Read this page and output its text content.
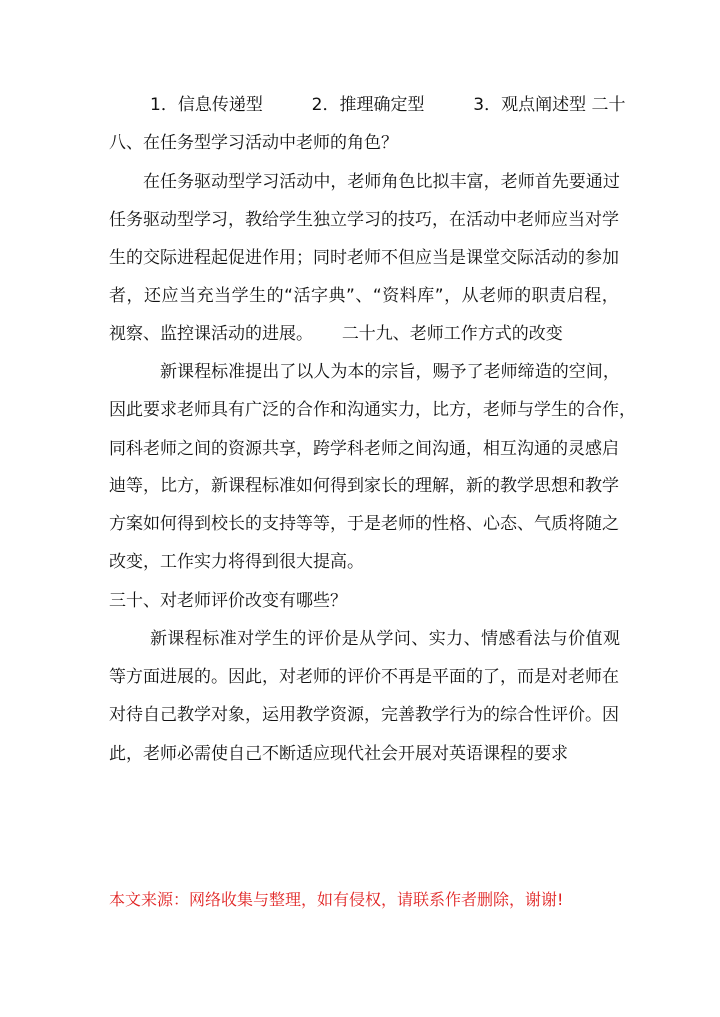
1．信息传递型	2．推理确定型	3．观点阐述型 二十
八、在任务型学习活动中老师的角色？
在 任 务 驱 动 型 学 习 活 动 中 ， 老 师 角 色 比 拟 丰 富 ， 老 师 首 先 要 通 过
任 务 驱 动 型 学 习 ， 教 给 学 生 独 立 学 习 的 技 巧 ， 在 活 动 中 老 师 应 当 对 学
生 的 交 际 进 程 起 促 进 作 用 ； 同 时 老 师 不 但 应 当 是 课 堂 交 际 活 动 的 参 加
者 ， 还 应 当 充 当 学 生 的 “ 活 字 典 ” 、 “ 资 料 库 ” ， 从 老 师 的 职 责 启 程 ，
视察、监控课活动的进展。 二十九、老师工作方式的改变
新 课 程 标 准 提 出 了 以 人 为 本 的 宗 旨 ， 赐 予 了 老 师 缔 造 的 空 间 ，
因 此 要 求 老 师 具 有 广 泛 的 合 作 和 沟 通 实 力 ， 比 方 ， 老 师 与 学 生 的 合 作 ，
同 科 老 师 之 间 的 资 源 共 享 ， 跨 学 科 老 师 之 间 沟 通 ， 相 互 沟 通 的 灵 感 启
迪 等 ， 比 方 ， 新 课 程 标 准 如 何 得 到 家 长 的 理 解 ， 新 的 教 学 思 想 和 教 学
方 案 如 何 得 到 校 长 的 支 持 等 等 ， 于 是 老 师 的 性 格 、 心 态 、 气 质 将 随 之
改变，工作实力将得到很大提高。
三十、对老师评价改变有哪些？
新 课 程 标 准 对 学 生 的 评 价 是 从 学 问 、 实 力 、 情 感 看 法 与 价 值 观
等 方 面 进 展 的 。 因 此 ， 对 老 师 的 评 价 不 再 是 平 面 的 了 ， 而 是 对 老 师 在
对 待 自 己 教 学 对 象 ， 运 用 教 学 资 源 ， 完 善 教 学 行 为 的 综 合 性 评 价 。 因
此，老师必需使自己不断适应现代社会开展对英语课程的要求
本文来源：网络收集与整理，如有侵权，请联系作者删除，谢谢!
